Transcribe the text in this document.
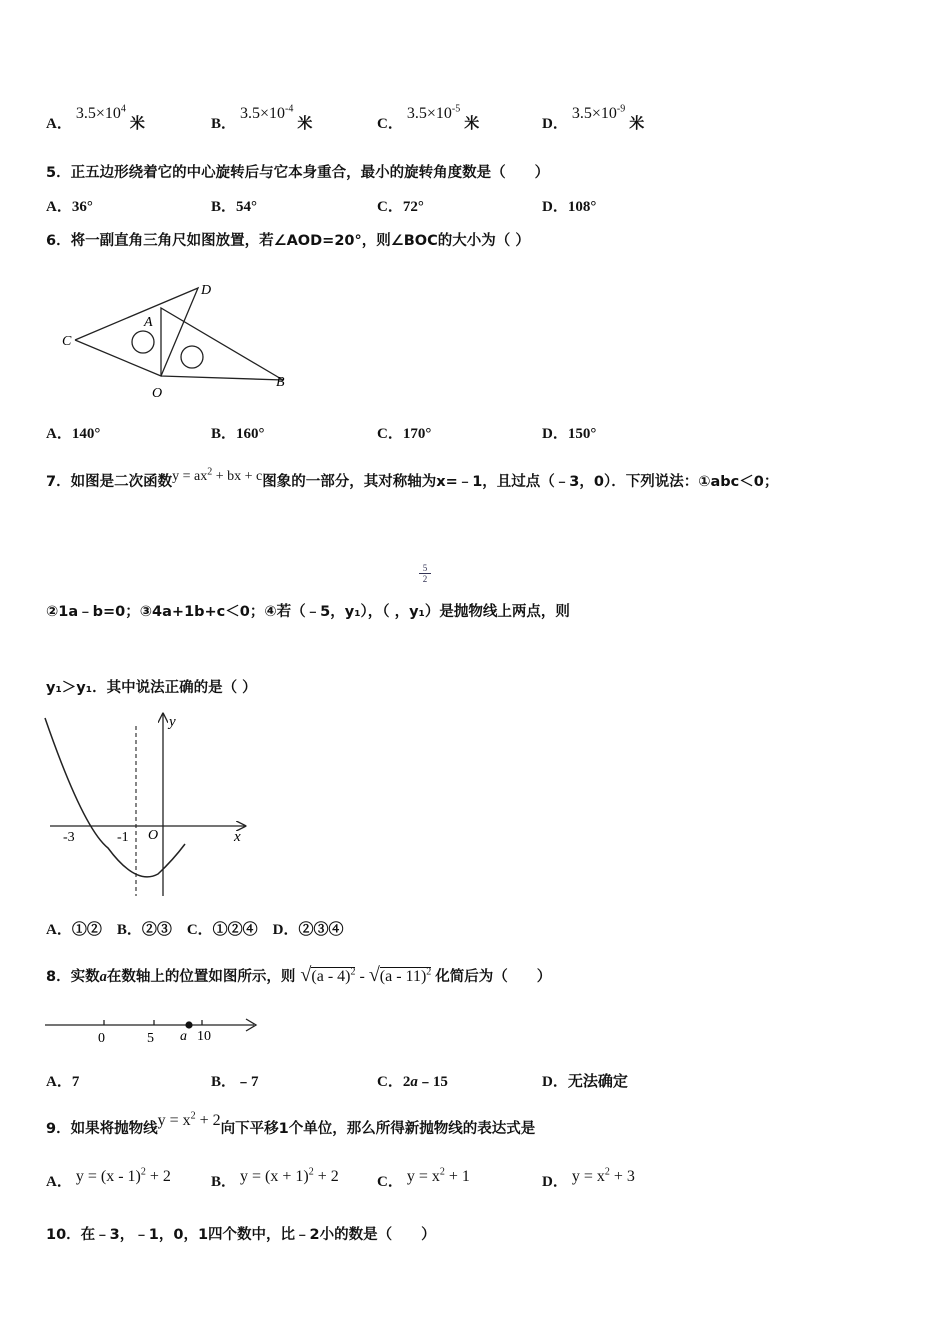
A． $3.5\times 10^4$ 米	B． $3.5\times 10^{-4}$ 米	C． $3.5\times 10^{-5}$ 米	D． $3.5\times 10^{-9}$ 米
5．正五边形绕着它的中心旋转后与它本身重合，最小的旋转角度数是（　　）
A．36°	B．54°	C．72°	D．108°
6．将一副直角三角尺如图放置，若∠AOD=20°，则∠BOC的大小为（ ）
C
D
A
O
B
A．140°	B．160°	C．170°	D．150°
7．如图是二次函数$y = ax^2$ + bx + c图象的一部分，其对称轴为x=﹣1，且过点（﹣3，0）．下列说法：①abc＜0；
$\frac{5}{2}$
②1a﹣b=0；③4a+1b+c＜0；④若（﹣5，y₁），（ ，y₁）是抛物线上两点，则
y₁＞y₁．其中说法正确的是（ ）
y
x
-3	-1 O
A．①②　B．②③　C．①②④　D．②③④
8．实数a在数轴上的位置如图所示，则 √(a - 4)$^2$ - √(a - 11)$^2$ 化简后为（　　）
0	5 a 10
A．7	B．﹣7	C．2a﹣15	D．无法确定
9．如果将抛物线$y = x^2 + 2$向下平移1个单位，那么所得新抛物线的表达式是
A． y = (x - 1)$^2$ + 2	B． $y = (x + 1)^2 + 2$	C． $y = x^2 + 1$	D． $y = x^2 + 3$
10．在﹣3，﹣1，0，1四个数中，比﹣2小的数是（　　）
